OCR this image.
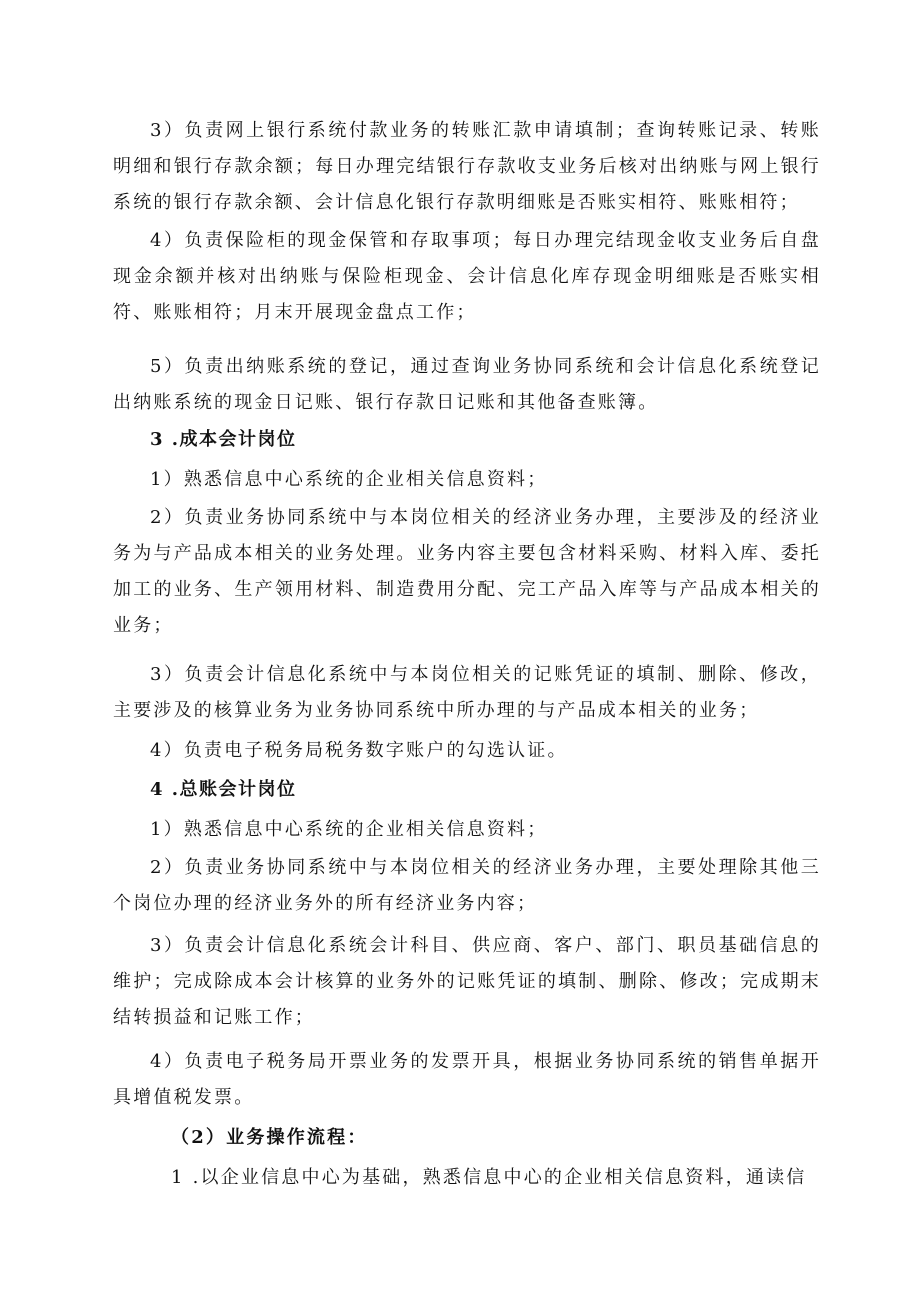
3）负责网上银行系统付款业务的转账汇款申请填制；查询转账记录、转账明细和银行存款余额；每日办理完结银行存款收支业务后核对出纳账与网上银行系统的银行存款余额、会计信息化银行存款明细账是否账实相符、账账相符；

4）负责保险柜的现金保管和存取事项；每日办理完结现金收支业务后自盘现金余额并核对出纳账与保险柜现金、会计信息化库存现金明细账是否账实相符、账账相符；月末开展现金盘点工作；

5）负责出纳账系统的登记，通过查询业务协同系统和会计信息化系统登记出纳账系统的现金日记账、银行存款日记账和其他备查账簿。

3 .成本会计岗位

1）熟悉信息中心系统的企业相关信息资料；

2）负责业务协同系统中与本岗位相关的经济业务办理，主要涉及的经济业务为与产品成本相关的业务处理。业务内容主要包含材料采购、材料入库、委托加工的业务、生产领用材料、制造费用分配、完工产品入库等与产品成本相关的业务；

3）负责会计信息化系统中与本岗位相关的记账凭证的填制、删除、修改，主要涉及的核算业务为业务协同系统中所办理的与产品成本相关的业务；

4）负责电子税务局税务数字账户的勾选认证。

4 .总账会计岗位

1）熟悉信息中心系统的企业相关信息资料；

2）负责业务协同系统中与本岗位相关的经济业务办理，主要处理除其他三个岗位办理的经济业务外的所有经济业务内容；

3）负责会计信息化系统会计科目、供应商、客户、部门、职员基础信息的维护；完成除成本会计核算的业务外的记账凭证的填制、删除、修改；完成期末结转损益和记账工作；

4）负责电子税务局开票业务的发票开具，根据业务协同系统的销售单据开具增值税发票。

（2）业务操作流程：

1 .以企业信息中心为基础，熟悉信息中心的企业相关信息资料，通读信
